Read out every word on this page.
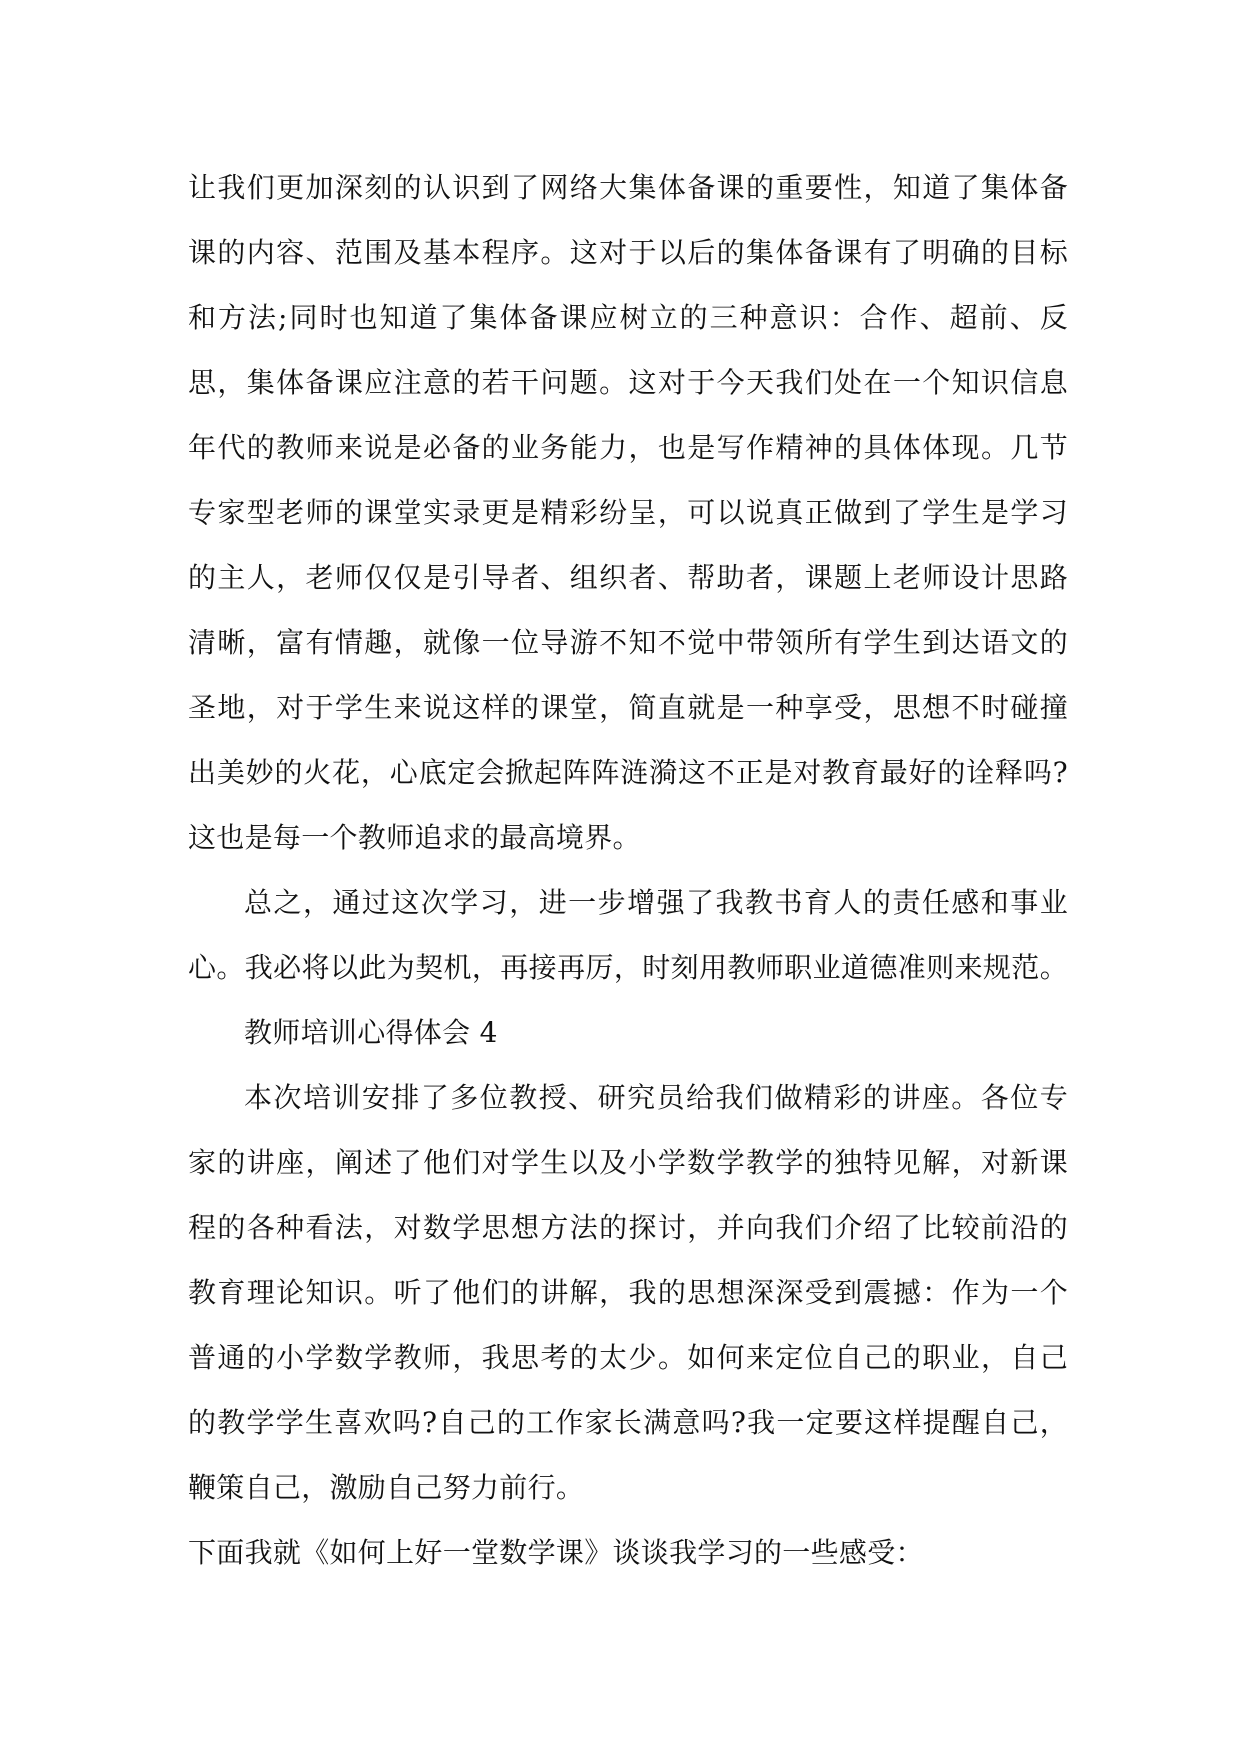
让我们更加深刻的认识到了网络大集体备课的重要性，知道了集体备
课的内容、范围及基本程序。这对于以后的集体备课有了明确的目标
和方法;同时也知道了集体备课应树立的三种意识：合作、超前、反
思，集体备课应注意的若干问题。这对于今天我们处在一个知识信息
年代的教师来说是必备的业务能力，也是写作精神的具体体现。几节
专家型老师的课堂实录更是精彩纷呈，可以说真正做到了学生是学习
的主人，老师仅仅是引导者、组织者、帮助者，课题上老师设计思路
清晰，富有情趣，就像一位导游不知不觉中带领所有学生到达语文的
圣地，对于学生来说这样的课堂，简直就是一种享受，思想不时碰撞
出美妙的火花，心底定会掀起阵阵涟漪这不正是对教育最好的诠释吗?
这也是每一个教师追求的最高境界。
总之，通过这次学习，进一步增强了我教书育人的责任感和事业
心。我必将以此为契机，再接再厉，时刻用教师职业道德准则来规范。
教师培训心得体会 4
本次培训安排了多位教授、研究员给我们做精彩的讲座。各位专
家的讲座，阐述了他们对学生以及小学数学教学的独特见解，对新课
程的各种看法，对数学思想方法的探讨，并向我们介绍了比较前沿的
教育理论知识。听了他们的讲解，我的思想深深受到震撼：作为一个
普通的小学数学教师，我思考的太少。如何来定位自己的职业，自己
的教学学生喜欢吗?自己的工作家长满意吗?我一定要这样提醒自己，
鞭策自己，激励自己努力前行。
下面我就《如何上好一堂数学课》谈谈我学习的一些感受：
